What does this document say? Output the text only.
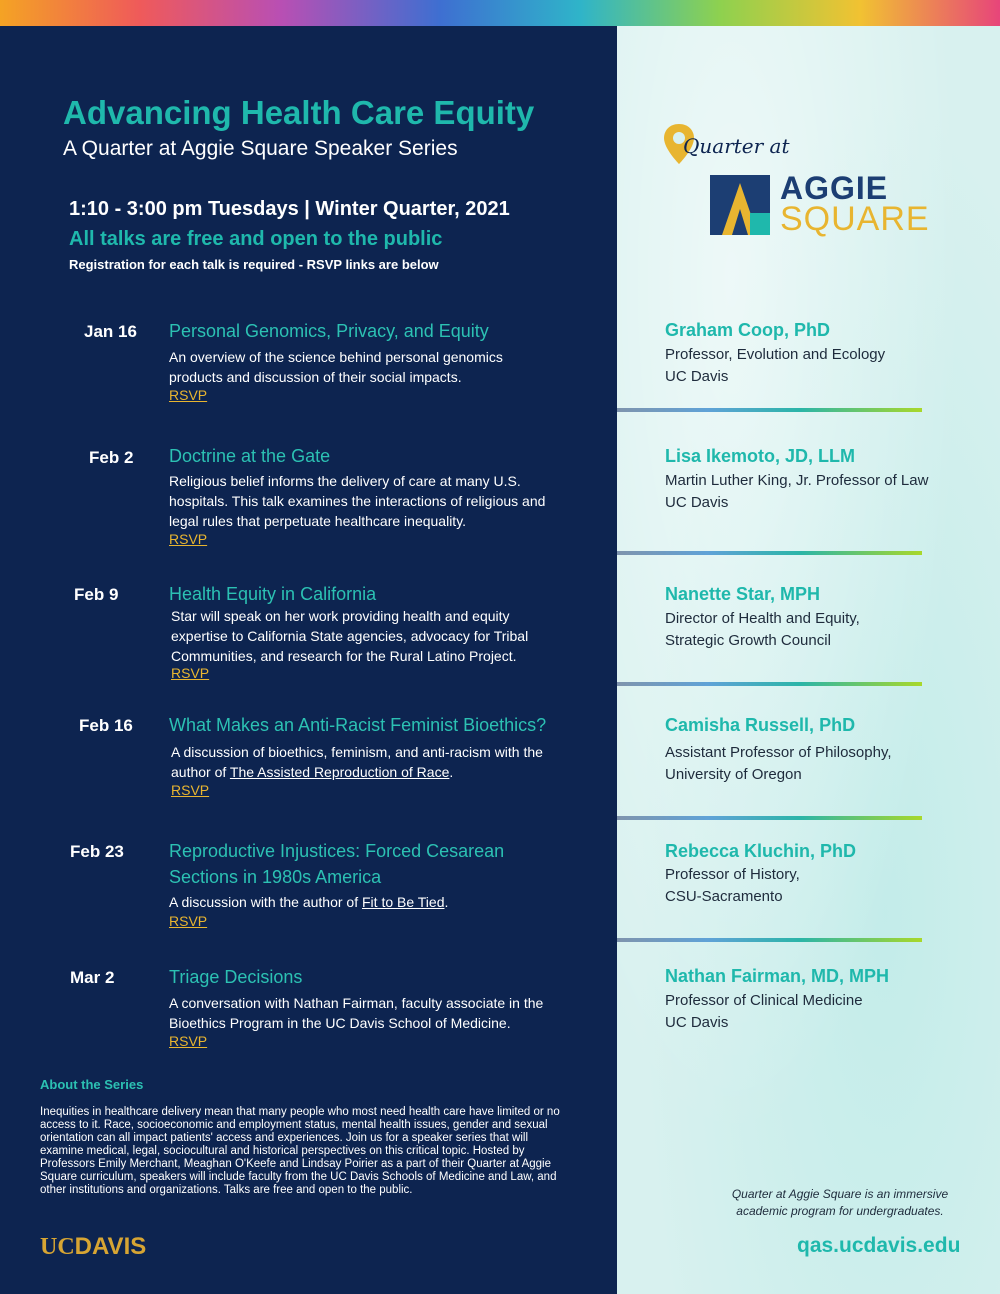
Advancing Health Care Equity
A Quarter at Aggie Square Speaker Series
1:10 - 3:00 pm Tuesdays | Winter Quarter, 2021
All talks are free and open to the public
Registration for each talk is required - RSVP links are below
Quarter at
AGGIE
SQUARE
Jan 16 Personal Genomics, Privacy, and Equity
An overview of the science behind personal genomics products and discussion of their social impacts.
RSVP
Graham Coop, PhD
Professor, Evolution and Ecology
UC Davis
Feb 2 Doctrine at the Gate
Religious belief informs the delivery of care at many U.S. hospitals. This talk examines the interactions of religious and legal rules that perpetuate healthcare inequality.
RSVP
Lisa Ikemoto, JD, LLM
Martin Luther King, Jr. Professor of Law
UC Davis
Feb 9	Health Equity in California
Star will speak on her work providing health and equity expertise to California State agencies, advocacy for Tribal Communities, and research for the Rural Latino Project.
RSVP
Nanette Star, MPH
Director of Health and Equity,
Strategic Growth Council
Feb 16 What Makes an Anti-Racist Feminist Bioethics?
A discussion of bioethics, feminism, and anti-racism with the author of The Assisted Reproduction of Race.
RSVP
Camisha Russell, PhD
Assistant Professor of Philosophy,
University of Oregon
Feb 23	Reproductive Injustices: Forced Cesarean
Sections in 1980s America
A discussion with the author of Fit to Be Tied.
RSVP
Rebecca Kluchin, PhD
Professor of History,
CSU-Sacramento
Mar 2	Triage Decisions
A conversation with Nathan Fairman, faculty associate in the Bioethics Program in the UC Davis School of Medicine.
RSVP
Nathan Fairman, MD, MPH
Professor of Clinical Medicine
UC Davis
About the Series
Inequities in healthcare delivery mean that many people who most need health care have limited or no access to it. Race, socioeconomic and employment status, mental health issues, gender and sexual orientation can all impact patients' access and experiences. Join us for a speaker series that will examine medical, legal, sociocultural and historical perspectives on this critical topic. Hosted by Professors Emily Merchant, Meaghan O'Keefe and Lindsay Poirier as a part of their Quarter at Aggie Square curriculum, speakers will include faculty from the UC Davis Schools of Medicine and Law, and other institutions and organizations. Talks are free and open to the public.
UCDAVIS
Quarter at Aggie Square is an immersive academic program for undergraduates.
qas.ucdavis.edu
